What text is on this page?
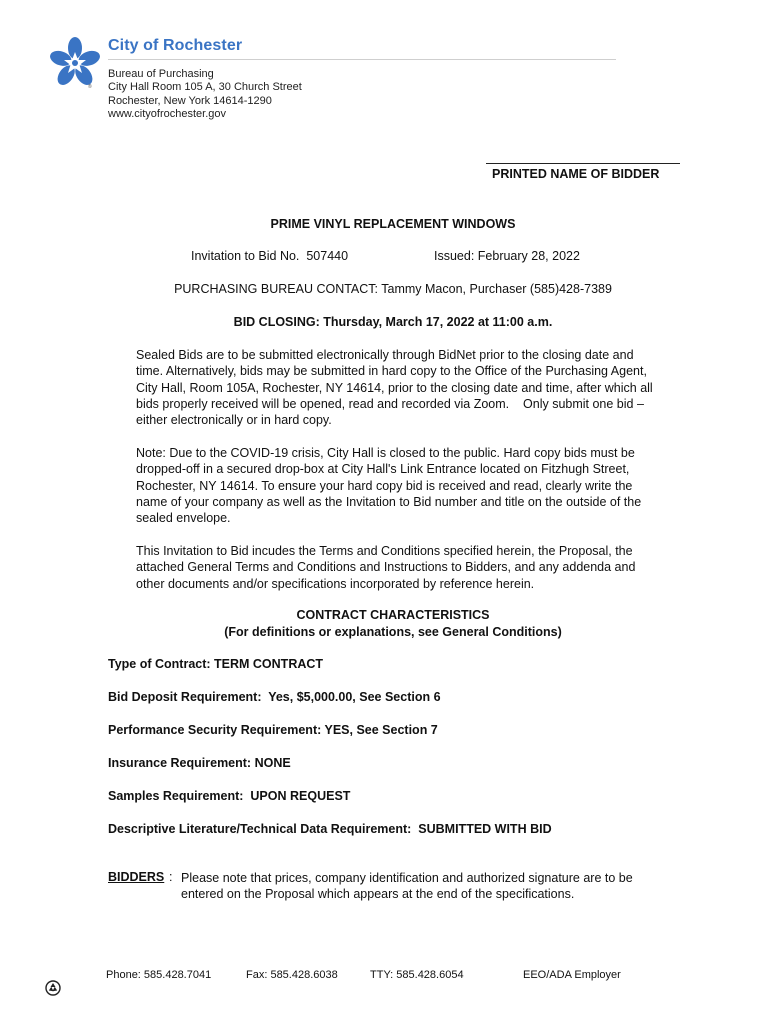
®
City of Rochester
Bureau of Purchasing
City Hall Room 105 A, 30 Church Street
Rochester, New York 14614-1290
www.cityofrochester.gov
PRINTED NAME OF BIDDER
PRIME VINYL REPLACEMENT WINDOWS
Invitation to Bid No.  507440	Issued: February 28, 2022
PURCHASING BUREAU CONTACT: Tammy Macon, Purchaser (585)428-7389
BID CLOSING: Thursday, March 17, 2022 at 11:00 a.m.
Sealed Bids are to be submitted electronically through BidNet prior to the closing date and time. Alternatively, bids may be submitted in hard copy to the Office of the Purchasing Agent, City Hall, Room 105A, Rochester, NY 14614, prior to the closing date and time, after which all bids properly received will be opened, read and recorded via Zoom.    Only submit one bid – either electronically or in hard copy.
Note: Due to the COVID-19 crisis, City Hall is closed to the public. Hard copy bids must be dropped-off in a secured drop-box at City Hall's Link Entrance located on Fitzhugh Street, Rochester, NY 14614. To ensure your hard copy bid is received and read, clearly write the name of your company as well as the Invitation to Bid number and title on the outside of the sealed envelope.
This Invitation to Bid incudes the Terms and Conditions specified herein, the Proposal, the attached General Terms and Conditions and Instructions to Bidders, and any addenda and other documents and/or specifications incorporated by reference herein.
CONTRACT CHARACTERISTICS
(For definitions or explanations, see General Conditions)
Type of Contract: TERM CONTRACT
Bid Deposit Requirement:  Yes, $5,000.00, See Section 6
Performance Security Requirement: YES, See Section 7
Insurance Requirement: NONE
Samples Requirement:  UPON REQUEST
Descriptive Literature/Technical Data Requirement:  SUBMITTED WITH BID
BIDDERS : Please note that prices, company identification and authorized signature are to be entered on the Proposal which appears at the end of the specifications.
Phone: 585.428.7041	Fax: 585.428.6038	TTY: 585.428.6054	EEO/ADA Employer
